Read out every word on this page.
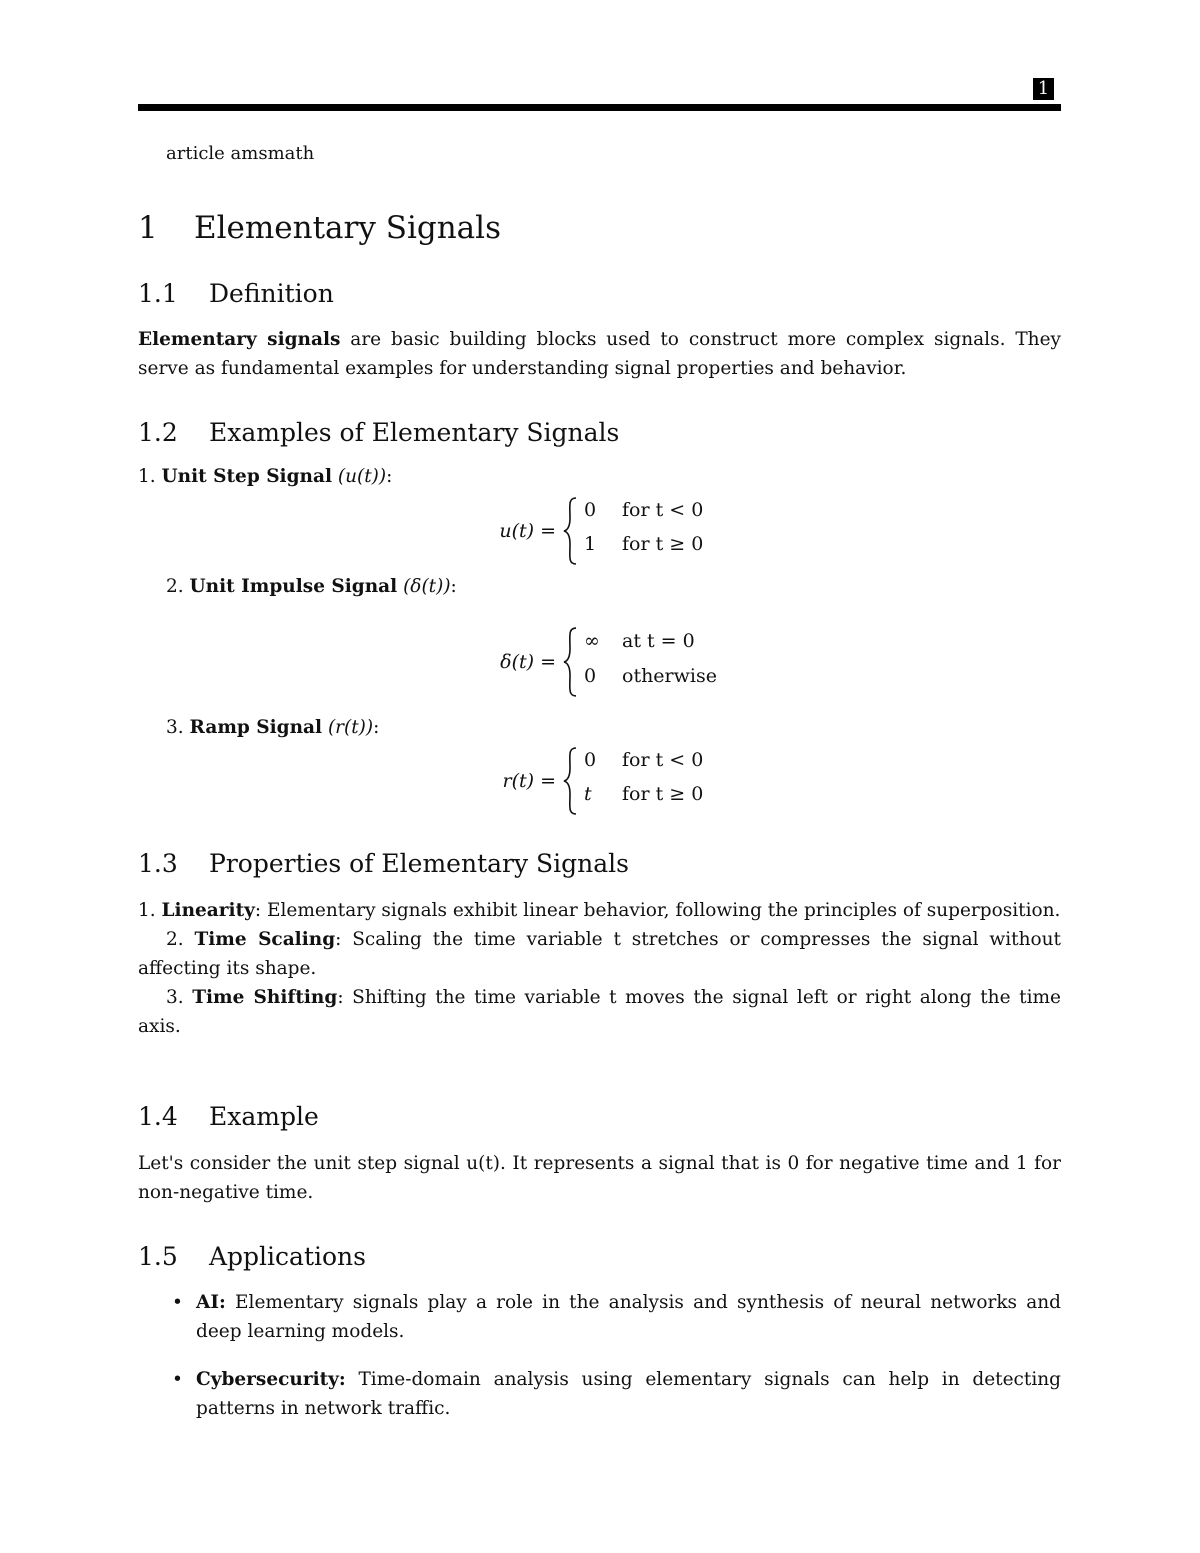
1
article amsmath
1 Elementary Signals
1.1 Definition

Elementary signals are basic building blocks used to construct more complex signals. They serve as fundamental examples for understanding signal properties and behavior.

1.2 Examples of Elementary Signals
1. Unit Step Signal (u(t)):
u(t) =
0 for t < 0
1 for t ≥ 0
2. Unit Impulse Signal (δ(t)):
δ(t) =
∞ at t = 0
0 otherwise
3. Ramp Signal (r(t)):
r(t) =
0 for t < 0
t for t ≥ 0
1.3 Properties of Elementary Signals

1. Linearity: Elementary signals exhibit linear behavior, following the principles of superposition.
2. Time Scaling: Scaling the time variable t stretches or compresses the signal without affecting its shape.
3. Time Shifting: Shifting the time variable t moves the signal left or right along the time axis.

1.4 Example

Let's consider the unit step signal u(t). It represents a signal that is 0 for negative time and 1 for non-negative time.

1.5 Applications
• AI: Elementary signals play a role in the analysis and synthesis of neural networks and deep learning models.
• Cybersecurity: Time-domain analysis using elementary signals can help in detecting patterns in network traffic.
